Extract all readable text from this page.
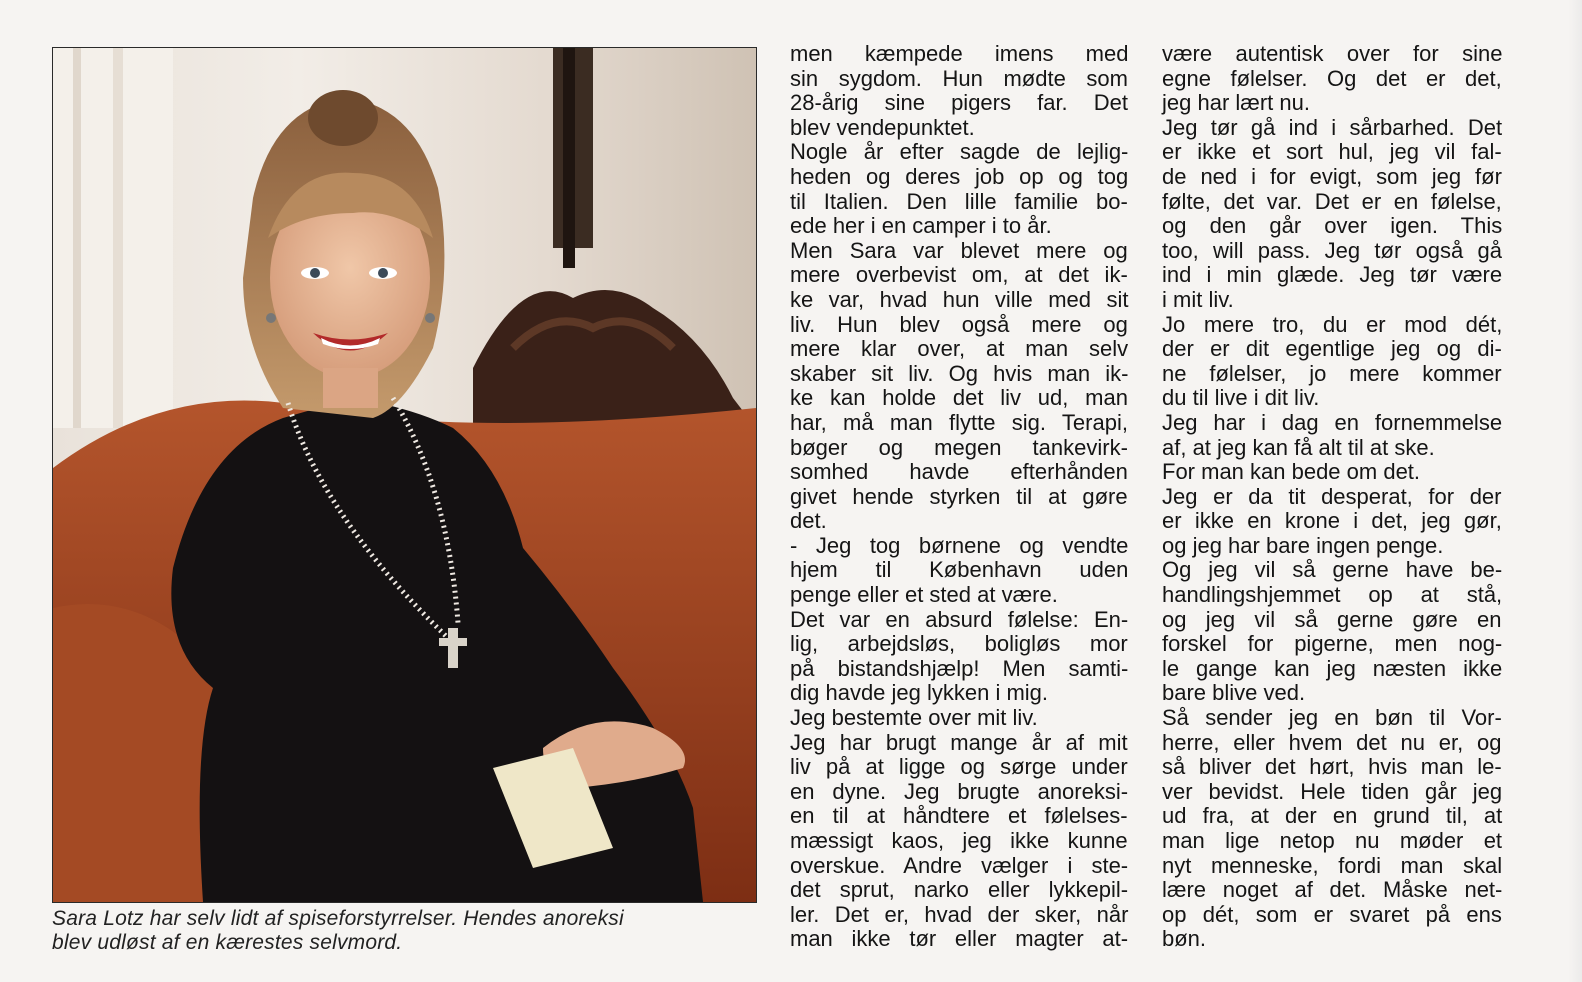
Sara Lotz har selv lidt af spiseforstyrrelser. Hendes anoreksi
blev udløst af en kærestes selvmord.
men kæmpede imens med
sin sygdom. Hun mødte som
28-årig sine pigers far. Det
blev vendepunktet.
Nogle år efter sagde de lejlig-
heden og deres job op og tog
til Italien. Den lille familie bo-
ede her i en camper i to år.
Men Sara var blevet mere og
mere overbevist om, at det ik-
ke var, hvad hun ville med sit
liv. Hun blev også mere og
mere klar over, at man selv
skaber sit liv. Og hvis man ik-
ke kan holde det liv ud, man
har, må man flytte sig. Terapi,
bøger og megen tankevirk-
somhed havde efterhånden
givet hende styrken til at gøre
det.
- Jeg tog børnene og vendte
hjem til København uden
penge eller et sted at være.
Det var en absurd følelse: En-
lig, arbejdsløs, boligløs mor
på bistandshjælp! Men samti-
dig havde jeg lykken i mig.
Jeg bestemte over mit liv.
Jeg har brugt mange år af mit
liv på at ligge og sørge under
en dyne. Jeg brugte anoreksi-
en til at håndtere et følelses-
mæssigt kaos, jeg ikke kunne
overskue. Andre vælger i ste-
det sprut, narko eller lykkepil-
ler. Det er, hvad der sker, når
man ikke tør eller magter at-
være autentisk over for sine
egne følelser. Og det er det,
jeg har lært nu.
Jeg tør gå ind i sårbarhed. Det
er ikke et sort hul, jeg vil fal-
de ned i for evigt, som jeg før
følte, det var. Det er en følelse,
og den går over igen. This
too, will pass. Jeg tør også gå
ind i min glæde. Jeg tør være
i mit liv.
Jo mere tro, du er mod dét,
der er dit egentlige jeg og di-
ne følelser, jo mere kommer
du til live i dit liv.
Jeg har i dag en fornemmelse
af, at jeg kan få alt til at ske.
For man kan bede om det.
Jeg er da tit desperat, for der
er ikke en krone i det, jeg gør,
og jeg har bare ingen penge.
Og jeg vil så gerne have be-
handlingshjemmet op at stå,
og jeg vil så gerne gøre en
forskel for pigerne, men nog-
le gange kan jeg næsten ikke
bare blive ved.
Så sender jeg en bøn til Vor-
herre, eller hvem det nu er, og
så bliver det hørt, hvis man le-
ver bevidst. Hele tiden går jeg
ud fra, at der en grund til, at
man lige netop nu møder et
nyt menneske, fordi man skal
lære noget af det. Måske net-
op dét, som er svaret på ens
bøn.
